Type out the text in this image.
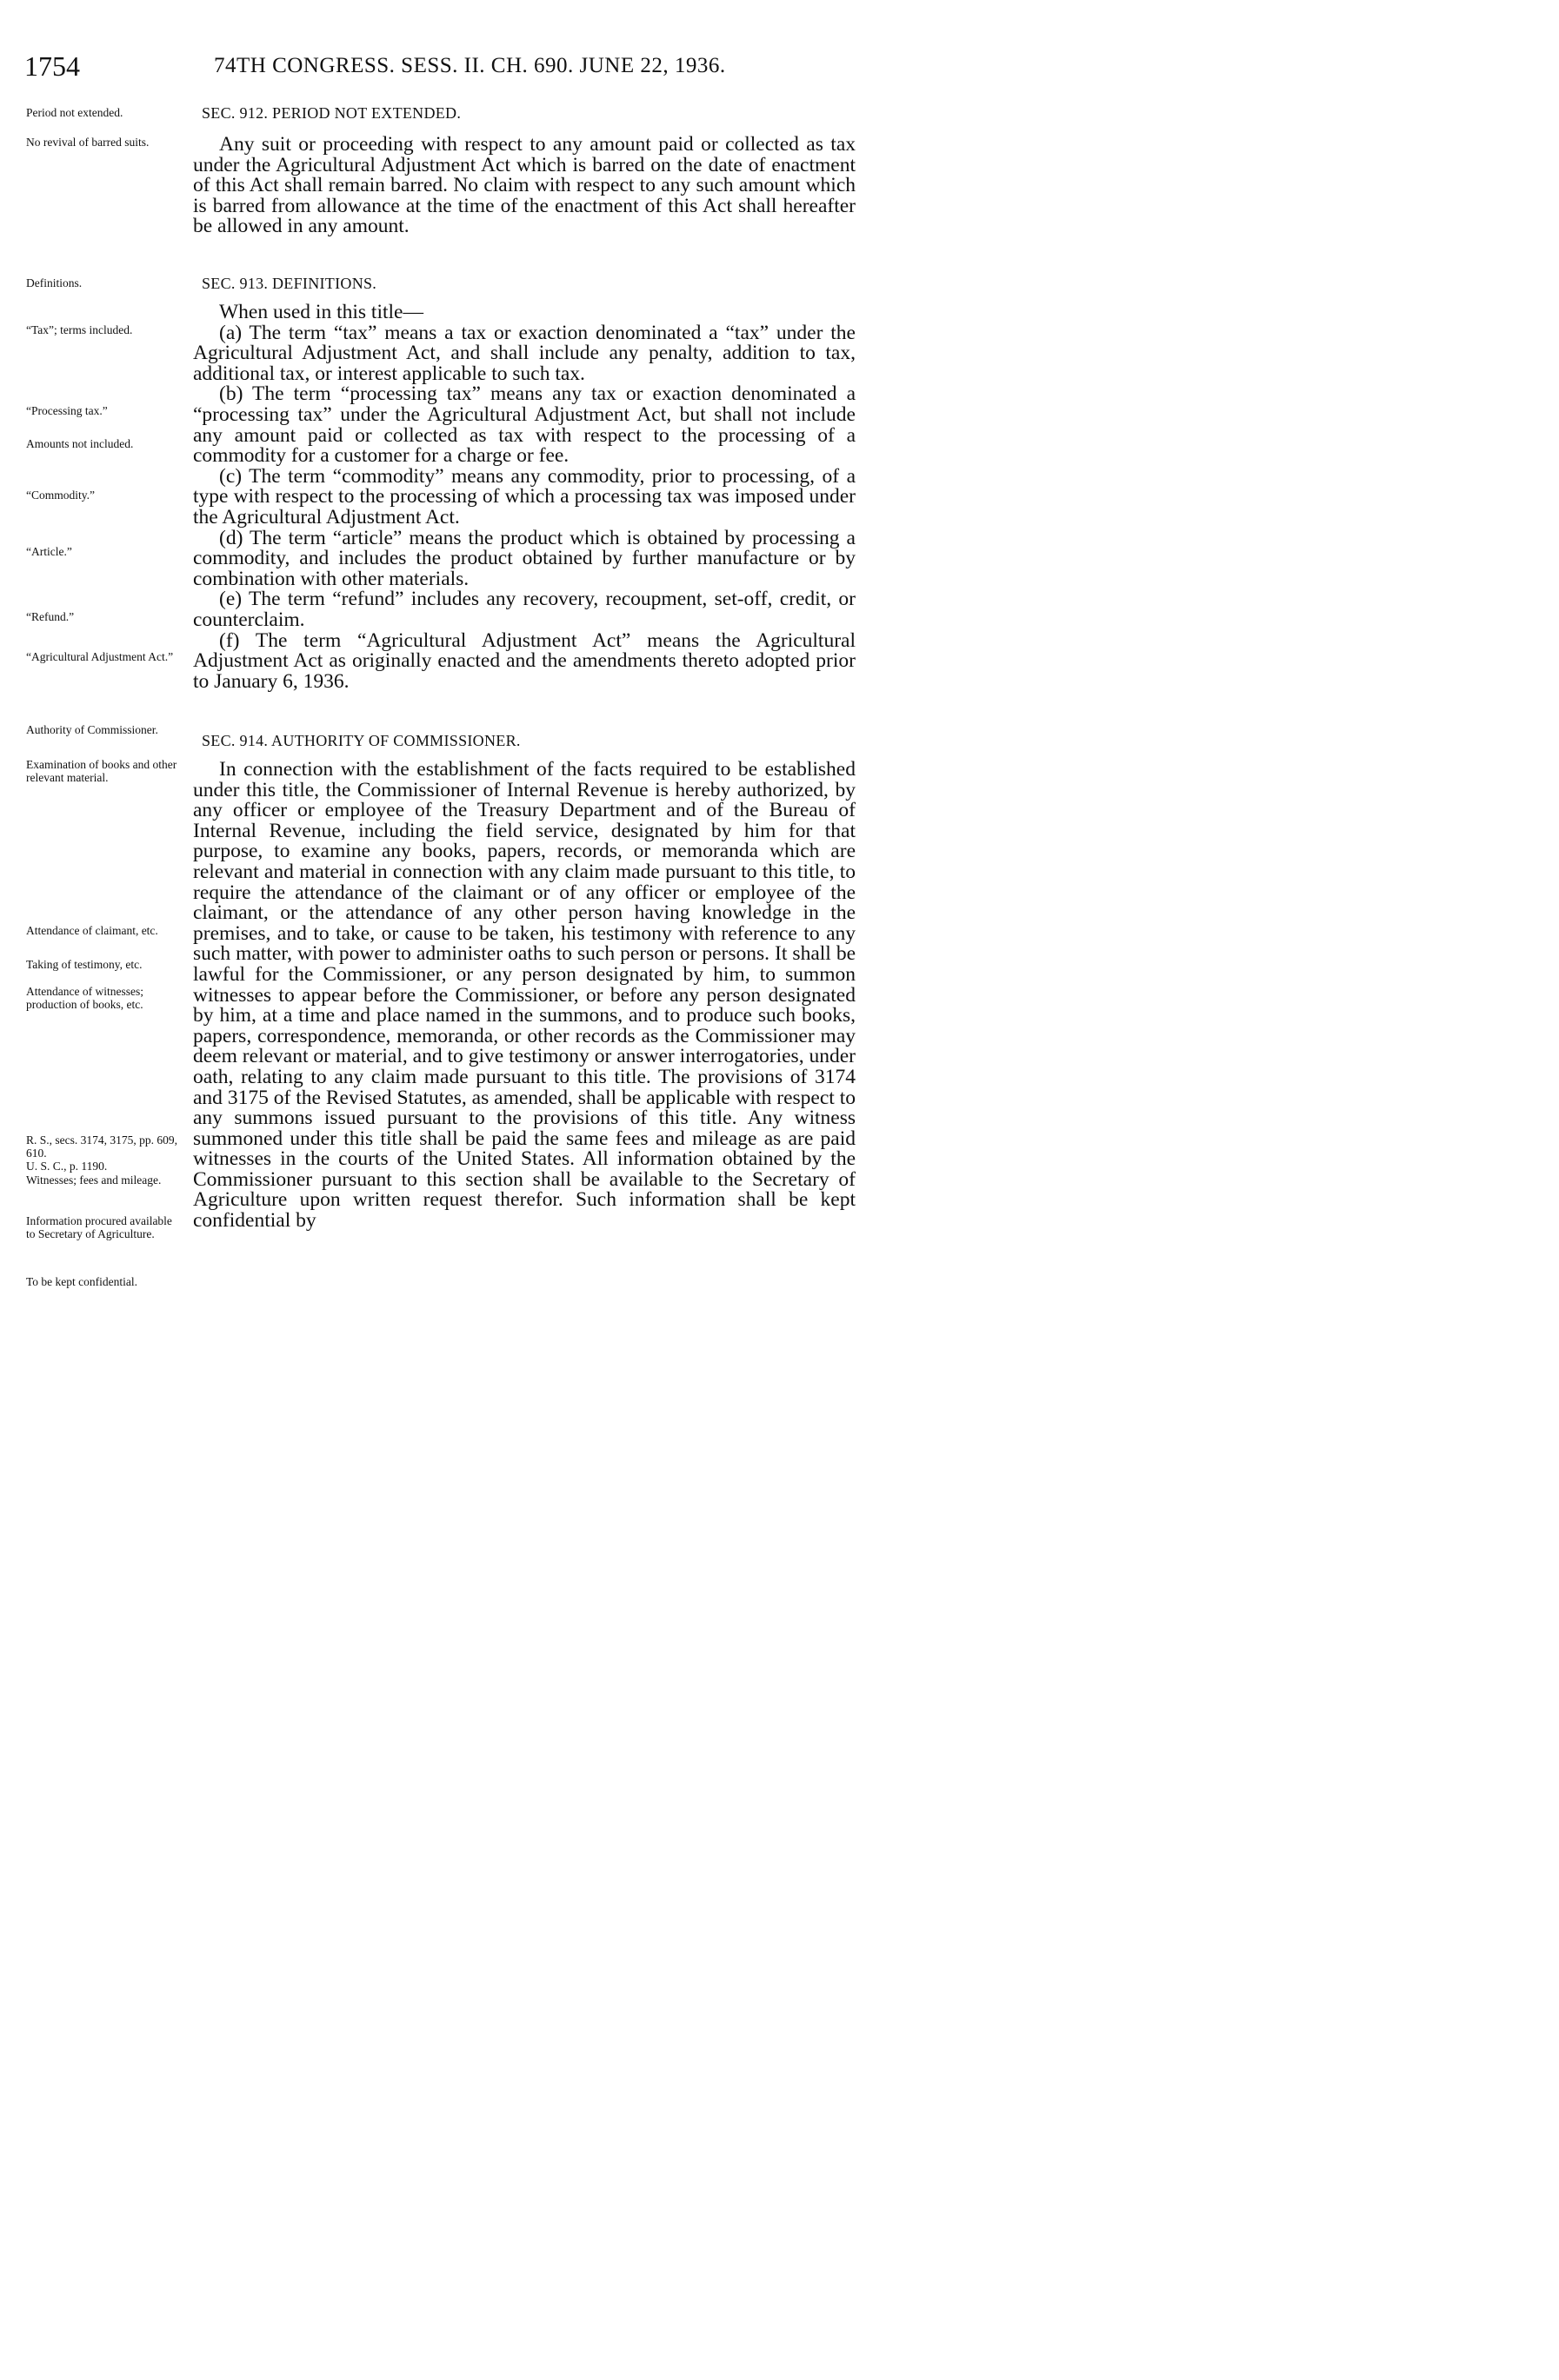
1754	74TH CONGRESS. SESS. II. CH. 690. JUNE 22, 1936.
Period not extended.
No revival of barred suits.
Definitions.
“Tax”; terms included.
“Processing tax.”
Amounts not included.
“Commodity.”
“Article.”
“Refund.”
“Agricultural Adjustment Act.”
Authority of Commissioner.
Examination of books and other relevant material.
Attendance of claimant, etc.
Taking of testimony, etc.
Attendance of witnesses; production of books, etc.
R. S., secs. 3174, 3175, pp. 609, 610.
U. S. C., p. 1190.
Witnesses; fees and mileage.
Information procured available to Secretary of Agriculture.
To be kept confidential.
SEC. 912. PERIOD NOT EXTENDED.

Any suit or proceeding with respect to any amount paid or collected as tax under the Agricultural Adjustment Act which is barred on the date of enactment of this Act shall remain barred. No claim with respect to any such amount which is barred from allowance at the time of the enactment of this Act shall hereafter be allowed in any amount.

SEC. 913. DEFINITIONS.

When used in this title—

(a) The term “tax” means a tax or exaction denominated a “tax” under the Agricultural Adjustment Act, and shall include any penalty, addition to tax, additional tax, or interest applicable to such tax.

(b) The term “processing tax” means any tax or exaction denominated a “processing tax” under the Agricultural Adjustment Act, but shall not include any amount paid or collected as tax with respect to the processing of a commodity for a customer for a charge or fee.

(c) The term “commodity” means any commodity, prior to processing, of a type with respect to the processing of which a processing tax was imposed under the Agricultural Adjustment Act.

(d) The term “article” means the product which is obtained by processing a commodity, and includes the product obtained by further manufacture or by combination with other materials.

(e) The term “refund” includes any recovery, recoupment, set-off, credit, or counterclaim.

(f) The term “Agricultural Adjustment Act” means the Agricultural Adjustment Act as originally enacted and the amendments thereto adopted prior to January 6, 1936.

SEC. 914. AUTHORITY OF COMMISSIONER.

In connection with the establishment of the facts required to be established under this title, the Commissioner of Internal Revenue is hereby authorized, by any officer or employee of the Treasury Department and of the Bureau of Internal Revenue, including the field service, designated by him for that purpose, to examine any books, papers, records, or memoranda which are relevant and material in connection with any claim made pursuant to this title, to require the attendance of the claimant or of any officer or employee of the claimant, or the attendance of any other person having knowledge in the premises, and to take, or cause to be taken, his testimony with reference to any such matter, with power to administer oaths to such person or persons. It shall be lawful for the Commissioner, or any person designated by him, to summon witnesses to appear before the Commissioner, or before any person designated by him, at a time and place named in the summons, and to produce such books, papers, correspondence, memoranda, or other records as the Commissioner may deem relevant or material, and to give testimony or answer interrogatories, under oath, relating to any claim made pursuant to this title. The provisions of 3174 and 3175 of the Revised Statutes, as amended, shall be applicable with respect to any summons issued pursuant to the provisions of this title. Any witness summoned under this title shall be paid the same fees and mileage as are paid witnesses in the courts of the United States. All information obtained by the Commissioner pursuant to this section shall be available to the Secretary of Agriculture upon written request therefor. Such information shall be kept confidential by
